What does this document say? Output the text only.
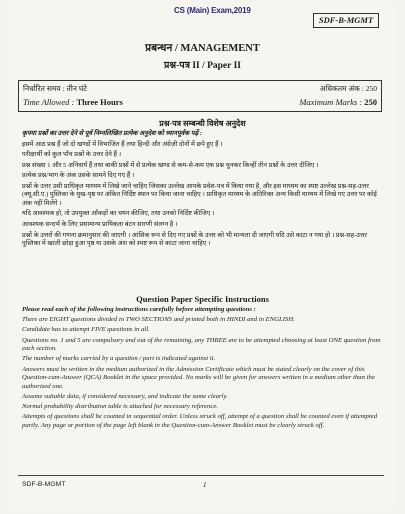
CS (Main) Exam,2019
SDF-B-MGMT
प्रबन्धन / MANAGEMENT
प्रश्न-पत्र II / Paper II
निर्धारित समय : तीन घंटे	अधिकतम अंक : 250
Time Allowed : Three Hours	Maximum Marks : 250
प्रश्न-पत्र सम्बन्धी विशेष अनुदेश

कृपया प्रश्नों का उत्तर देने से पूर्व निम्नलिखित प्रत्येक अनुदेश को ध्यानपूर्वक पढ़ें :

इसमें आठ प्रश्न हैं जो दो खण्डों में विभाजित हैं तथा हिन्दी और अंग्रेज़ी दोनों में छपे हुए हैं ।

परीक्षार्थी को कुल पाँच प्रश्नों के उत्तर देने हैं ।

प्रश्न संख्या 1 और 5 अनिवार्य हैं तथा बाकी प्रश्नों में से प्रत्येक खण्ड से कम-से-कम एक प्रश्न चुनकर किन्हीं तीन प्रश्नों के उत्तर दीजिए ।

प्रत्येक प्रश्न/भाग के अंक उसके सामने दिए गए हैं ।

प्रश्नों के उत्तर उसी प्राधिकृत माध्यम में लिखे जाने चाहिए जिसका उल्लेख आपके प्रवेश-पत्र में किया गया है, और इस माध्यम का स्पष्ट उल्लेख प्रश्न-सह-उत्तर (क्यू.सी.ए.) पुस्तिका के मुख-पृष्ठ पर अंकित निर्दिष्ट स्थान पर किया जाना चाहिए । प्राधिकृत माध्यम के अतिरिक्त अन्य किसी माध्यम में लिखे गए उत्तर पर कोई अंक नहीं मिलेंगे ।

यदि आवश्यक हो, तो उपयुक्त आँकड़ों का चयन कीजिए, तथा उनको निर्दिष्ट कीजिए ।

आवश्यक सन्दर्भ के लिए प्रसामान्य प्रायिकता बंटन सारणी संलग्न है ।

प्रश्नों के उत्तरों की गणना क्रमानुसार की जाएगी । आंशिक रूप से दिए गए प्रश्नों के उत्तर को भी मान्यता दी जाएगी यदि उसे काटा न गया हो । प्रश्न-सह-उत्तर पुस्तिका में खाली छोड़ा हुआ पृष्ठ या उसके अंश को स्पष्ट रूप से काटा जाना चाहिए ।

Question Paper Specific Instructions

Please read each of the following instructions carefully before attempting questions :

There are EIGHT questions divided in TWO SECTIONS and printed both in HINDI and in ENGLISH.

Candidate has to attempt FIVE questions in all.

Questions no. 1 and 5 are compulsory and out of the remaining, any THREE are to be attempted choosing at least ONE question from each section.

The number of marks carried by a question / part is indicated against it.

Answers must be written in the medium authorized in the Admission Certificate which must be stated clearly on the cover of this Question-cum-Answer (QCA) Booklet in the space provided. No marks will be given for answers written in a medium other than the authorized one.

Assume suitable data, if considered necessary, and indicate the same clearly.

Normal probability distribution table is attached for necessary reference.

Attempts of questions shall be counted in sequential order. Unless struck off, attempt of a question shall be counted even if attempted partly. Any page or portion of the page left blank in the Question-cum-Answer Booklet must be clearly struck off.

SDF-B-MGMT	1
